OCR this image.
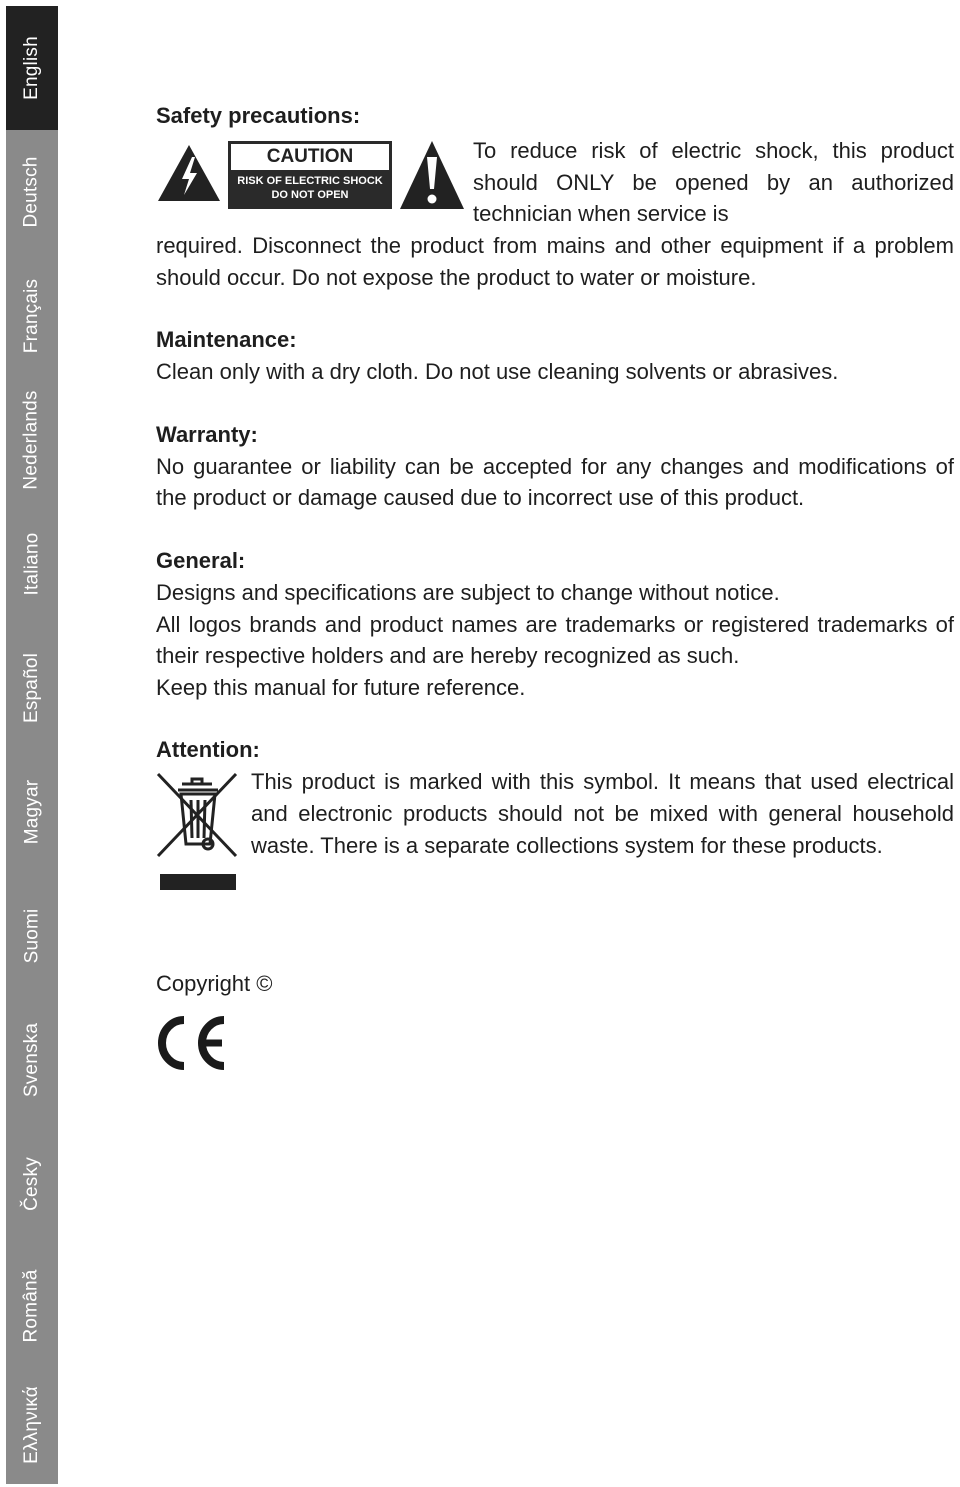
English
Deutsch
Français
Nederlands
Italiano
Español
Magyar
Suomi
Svenska
Česky
Română
Ελληνικά
Safety precautions:
CAUTION
RISK OF ELECTRIC SHOCK
DO NOT OPEN

To reduce risk of electric shock, this product should ONLY be opened by an authorized technician when service is

required. Disconnect the product from mains and other equipment if a problem should occur. Do not expose the product to water or moisture.

Maintenance:

Clean only with a dry cloth. Do not use cleaning solvents or abrasives.

Warranty:

No guarantee or liability can be accepted for any changes and modifications of the product or damage caused due to incorrect use of this product.

General:

Designs and specifications are subject to change without notice.

All logos brands and product names are trademarks or registered trademarks of their respective holders and are hereby recognized as such.

Keep this manual for future reference.

Attention:

This product is marked with this symbol. It means that used electrical and electronic products should not be mixed with general household waste. There is a separate collections system for these products.

Copyright ©
